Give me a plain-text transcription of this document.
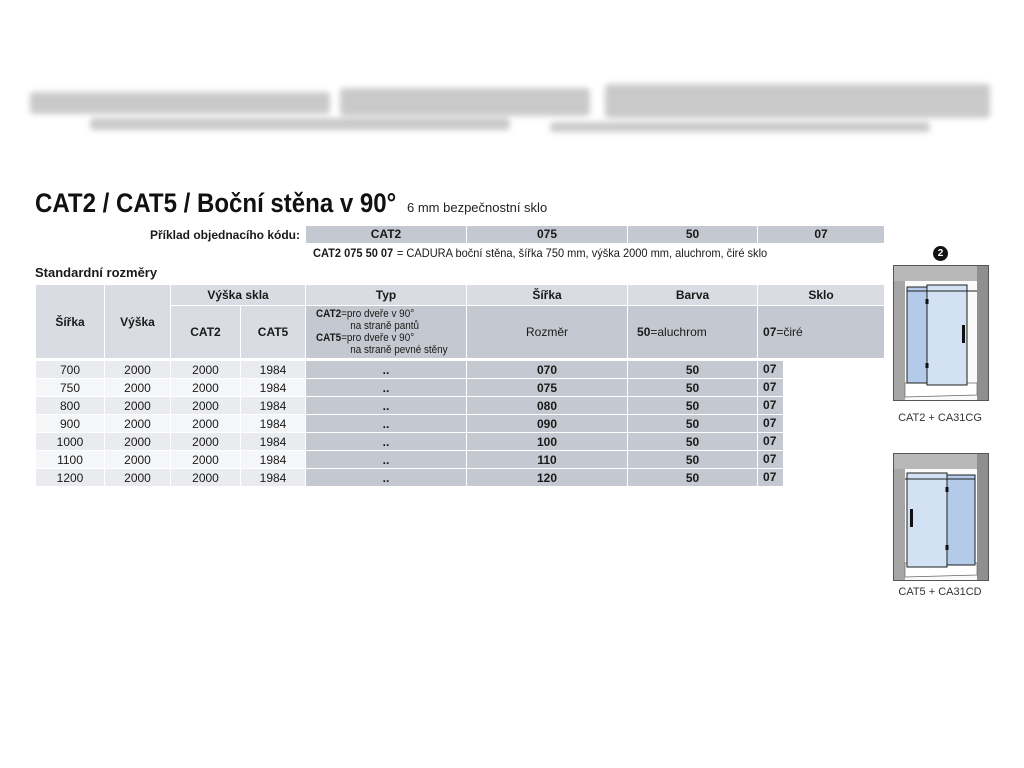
CAT2 / CAT5 / Boční stěna v 90° 6 mm bezpečnostní sklo
Příklad objednacího kódu:	CAT2	075	50	07
CAT2 075 50 07 = CADURA boční stěna, šířka 750 mm, výška 2000 mm, aluchrom, čiré sklo
Standardní rozměry
Šířka	Výška	Výška skla		Typ	Šířka	Barva	Sklo
		CAT2	CAT5	CAT2=pro dveře v 90°
na straně pantů
CAT5=pro dveře v 90°
na straně pevné stěny	Rozměr	50=aluchrom	07=čiré

700	2000	2000	1984	..	070	50	07
750	2000	2000	1984	..	075	50	07
800	2000	2000	1984	..	080	50	07
900	2000	2000	1984	..	090	50	07
1000	2000	2000	1984	..	100	50	07
1100	2000	2000	1984	..	110	50	07
1200	2000	2000	1984	..	120	50	07
2
CAT2 + CA31CG
CAT5 + CA31CD
